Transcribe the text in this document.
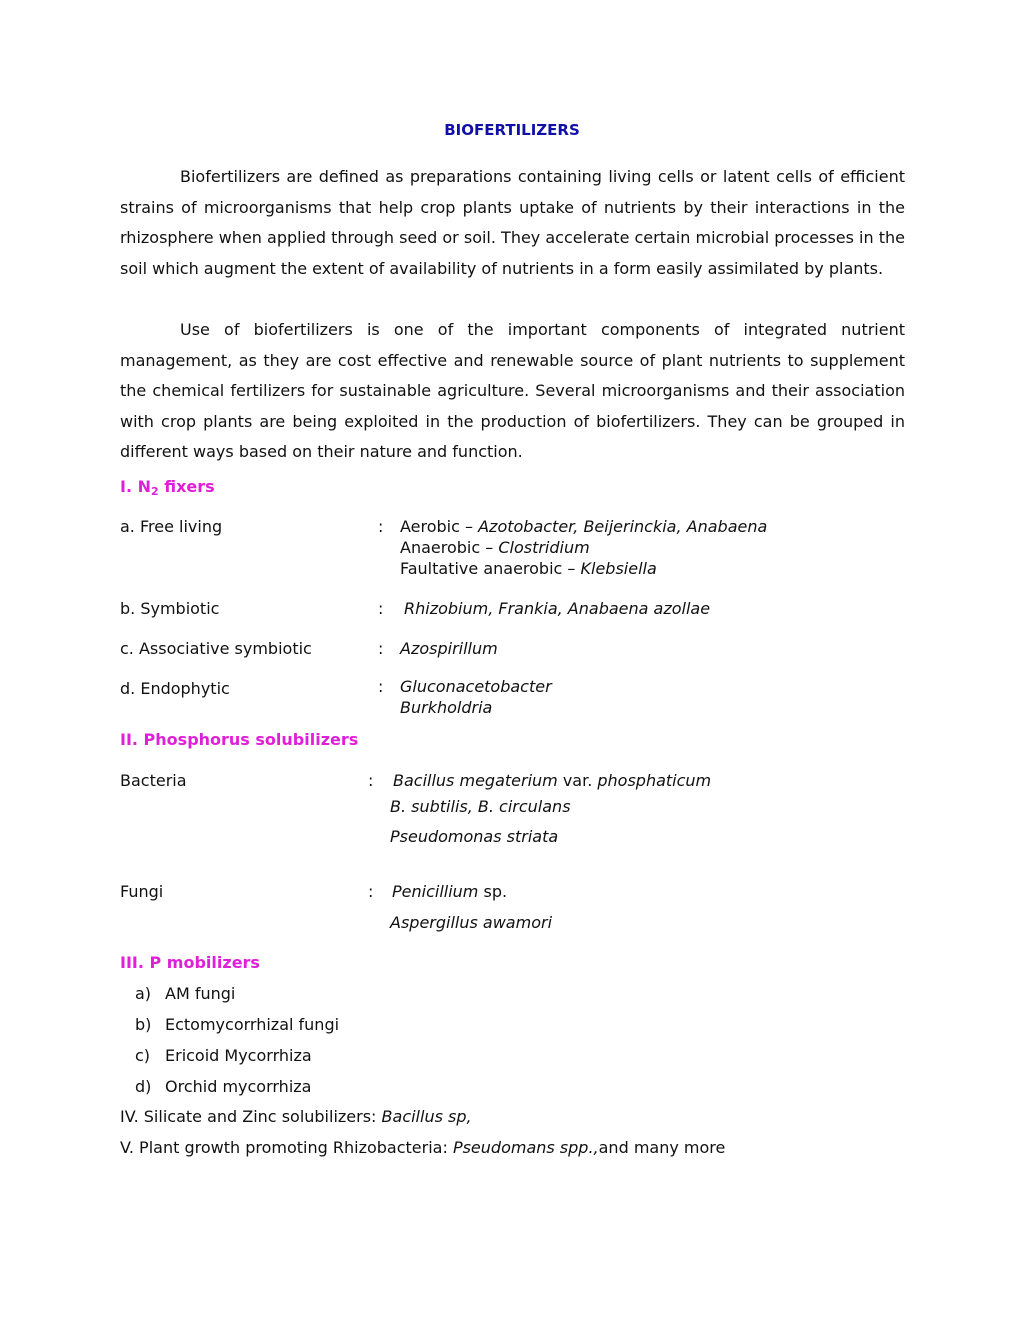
BIOFERTILIZERS

Biofertilizers are defined as preparations containing living cells or latent cells of efficient strains of microorganisms that help crop plants uptake of nutrients by their interactions in the rhizosphere when applied through seed or soil. They accelerate certain microbial processes in the soil which augment the extent of availability of nutrients in a form easily assimilated by plants.

Use of biofertilizers is one of the important components of integrated nutrient management, as they are cost effective and renewable source of plant nutrients to supplement the chemical fertilizers for sustainable agriculture. Several microorganisms and their association with crop plants are being exploited in the production of biofertilizers. They can be grouped in different ways based on their nature and function.

I. $N_2$ fixers
a. Free living	: Aerobic – Azotobacter, Beijerinckia, Anabaena
Anaerobic – Clostridium
Faultative anaerobic – Klebsiella
b. Symbiotic	: Rhizobium, Frankia, Anabaena azollae
c. Associative symbiotic	: Azospirillum
d. Endophytic	: Gluconacetobacter
Burkholdria
II. Phosphorus solubilizers
Bacteria	: Bacillus megaterium var. phosphaticum
B. subtilis, B. circulans
Pseudomonas striata
Fungi	: Penicillium sp.
Aspergillus awamori
III. P mobilizers
a) AM fungi
b) Ectomycorrhizal fungi
c) Ericoid Mycorrhiza
d) Orchid mycorrhiza
IV. Silicate and Zinc solubilizers: Bacillus sp,
V. Plant growth promoting Rhizobacteria: Pseudomans spp.,and many more
